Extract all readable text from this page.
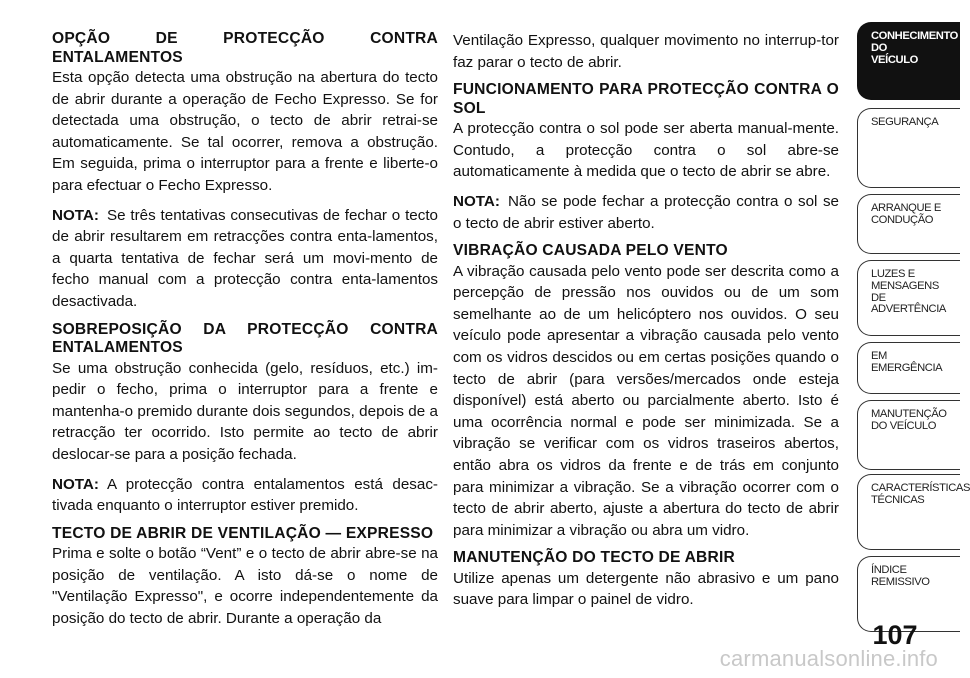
OPÇÃO DE PROTECÇÃO CONTRA ENTALAMENTOS

Esta opção detecta uma obstrução na abertura do tecto de abrir durante a operação de Fecho Expresso. Se for detectada uma obstrução, o tecto de abrir retrai-se automaticamente. Se tal ocorrer, remova a obstrução. Em seguida, prima o interruptor para a frente e liberte-o para efectuar o Fecho Expresso.

NOTA: Se três tentativas consecutivas de fechar o tecto de abrir resultarem em retracções contra enta-lamentos, a quarta tentativa de fechar será um movi-mento de fecho manual com a protecção contra enta-lamentos desactivada.

SOBREPOSIÇÃO DA PROTECÇÃO CONTRA ENTALAMENTOS

Se uma obstrução conhecida (gelo, resíduos, etc.) im-pedir o fecho, prima o interruptor para a frente e mantenha-o premido durante dois segundos, depois de a retracção ter ocorrido. Isto permite ao tecto de abrir deslocar-se para a posição fechada.

NOTA: A protecção contra entalamentos está desac-tivada enquanto o interruptor estiver premido.

TECTO DE ABRIR DE VENTILAÇÃO — EXPRESSO

Prima e solte o botão “Vent” e o tecto de abrir abre-se na posição de ventilação. A isto dá-se o nome de "Ventilação Expresso", e ocorre independentemente da posição do tecto de abrir. Durante a operação da

Ventilação Expresso, qualquer movimento no interrup-tor faz parar o tecto de abrir.

FUNCIONAMENTO PARA PROTECÇÃO CONTRA O SOL

A protecção contra o sol pode ser aberta manual-mente. Contudo, a protecção contra o sol abre-se automaticamente à medida que o tecto de abrir se abre.

NOTA: Não se pode fechar a protecção contra o sol se o tecto de abrir estiver aberto.

VIBRAÇÃO CAUSADA PELO VENTO

A vibração causada pelo vento pode ser descrita como a percepção de pressão nos ouvidos ou de um som semelhante ao de um helicóptero nos ouvidos. O seu veículo pode apresentar a vibração causada pelo vento com os vidros descidos ou em certas posições quando o tecto de abrir (para versões/mercados onde esteja disponível) está aberto ou parcialmente aberto. Isto é uma ocorrência normal e pode ser minimizada. Se a vibração se verificar com os vidros traseiros abertos, então abra os vidros da frente e de trás em conjunto para minimizar a vibração. Se a vibração ocorrer com o tecto de abrir aberto, ajuste a abertura do tecto de abrir para minimizar a vibração ou abra um vidro.

MANUTENÇÃO DO TECTO DE ABRIR

Utilize apenas um detergente não abrasivo e um pano suave para limpar o painel de vidro.

CONHECIMENTO
DO
VEÍCULO
SEGURANÇA
ARRANQUE E
CONDUÇÃO
LUZES E
MENSAGENS
DE
ADVERTÊNCIA
EM
EMERGÊNCIA
MANUTENÇÃO
DO VEÍCULO
CARACTERÍSTICAS
TÉCNICAS
ÍNDICE
REMISSIVO
107
carmanualsonline.info
